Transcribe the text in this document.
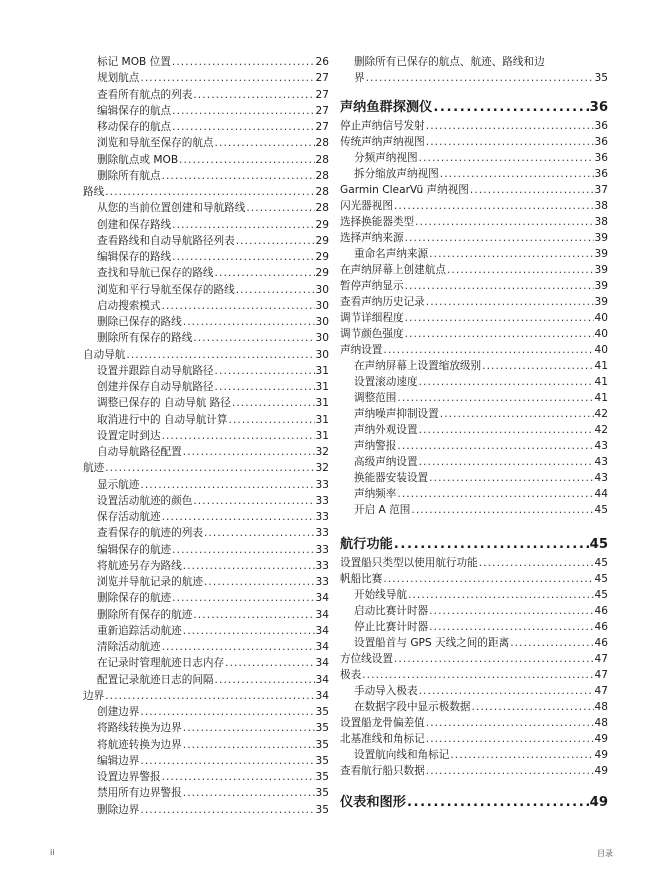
标记 MOB 位置 .....	26
规划航点 .....	27
查看所有航点的列表 .....	27
编辑保存的航点 .....	27
移动保存的航点 .....	27
浏览和导航至保存的航点 .....	28
删除航点或 MOB .....	28
删除所有航点 .....	28
路线 .....	28
从您的当前位置创建和导航路线 .....	28
创建和保存路线 .....	29
查看路线和自动导航路径列表 .....	29
编辑保存的路线 .....	29
查找和导航已保存的路线 .....	29
浏览和平行导航至保存的路线 .....	30
启动搜索模式 .....	30
删除已保存的路线 .....	30
删除所有保存的路线 .....	30
自动导航 .....	30
设置并跟踪自动导航路径 .....	31
创建并保存自动导航路径 .....	31
调整已保存的 自动导航 路径 .....	31
取消进行中的 自动导航计算 .....	31
设置定时到达 .....	31
自动导航路径配置 .....	32
航迹 .....	32
显示航迹 .....	33
设置活动航迹的颜色 .....	33
保存活动航迹 .....	33
查看保存的航迹的列表 .....	33
编辑保存的航迹 .....	33
将航迹另存为路线 .....	33
浏览并导航记录的航迹 .....	33
删除保存的航迹 .....	34
删除所有保存的航迹 .....	34
重新追踪活动航迹 .....	34
清除活动航迹 .....	34
在记录时管理航迹日志内存 .....	34
配置记录航迹日志的间隔 .....	34
边界 .....	34
创建边界 .....	35
将路线转换为边界 .....	35
将航迹转换为边界 .....	35
编辑边界 .....	35
设置边界警报 .....	35
禁用所有边界警报 .....	35
删除边界 .....	35
删除所有已保存的航点、航迹、路线和边
界 .....	35
声纳鱼群探测仪 .....	36
停止声纳信号发射 .....	36
传统声纳声纳视图 .....	36
分频声纳视图 .....	36
拆分缩放声纳视图 .....	36
Garmin ClearVü 声纳视图 .....	37
闪光器视图 .....	38
选择换能器类型 .....	38
选择声纳来源 .....	39
重命名声纳来源 .....	39
在声纳屏幕上创建航点 .....	39
暂停声纳显示 .....	39
查看声纳历史记录 .....	39
调节详细程度 .....	40
调节颜色强度 .....	40
声纳设置 .....	40
在声纳屏幕上设置缩放级别 .....	41
设置滚动速度 .....	41
调整范围 .....	41
声纳噪声抑制设置 .....	42
声纳外观设置 .....	42
声纳警报 .....	43
高级声纳设置 .....	43
换能器安装设置 .....	43
声纳频率 .....	44
开启 A 范围 .....	45
航行功能 .....	45
设置船只类型以使用航行功能 .....	45
帆船比赛 .....	45
开始线导航 .....	45
启动比赛计时器 .....	46
停止比赛计时器 .....	46
设置船首与 GPS 天线之间的距离 .....	46
方位线设置 .....	47
极表 .....	47
手动导入极表 .....	47
在数据字段中显示极数据 .....	48
设置船龙骨偏差值 .....	48
北基准线和角标记 .....	49
设置航向线和角标记 .....	49
查看航行船只数据 .....	49
仪表和图形 .....	49
ii	目录
